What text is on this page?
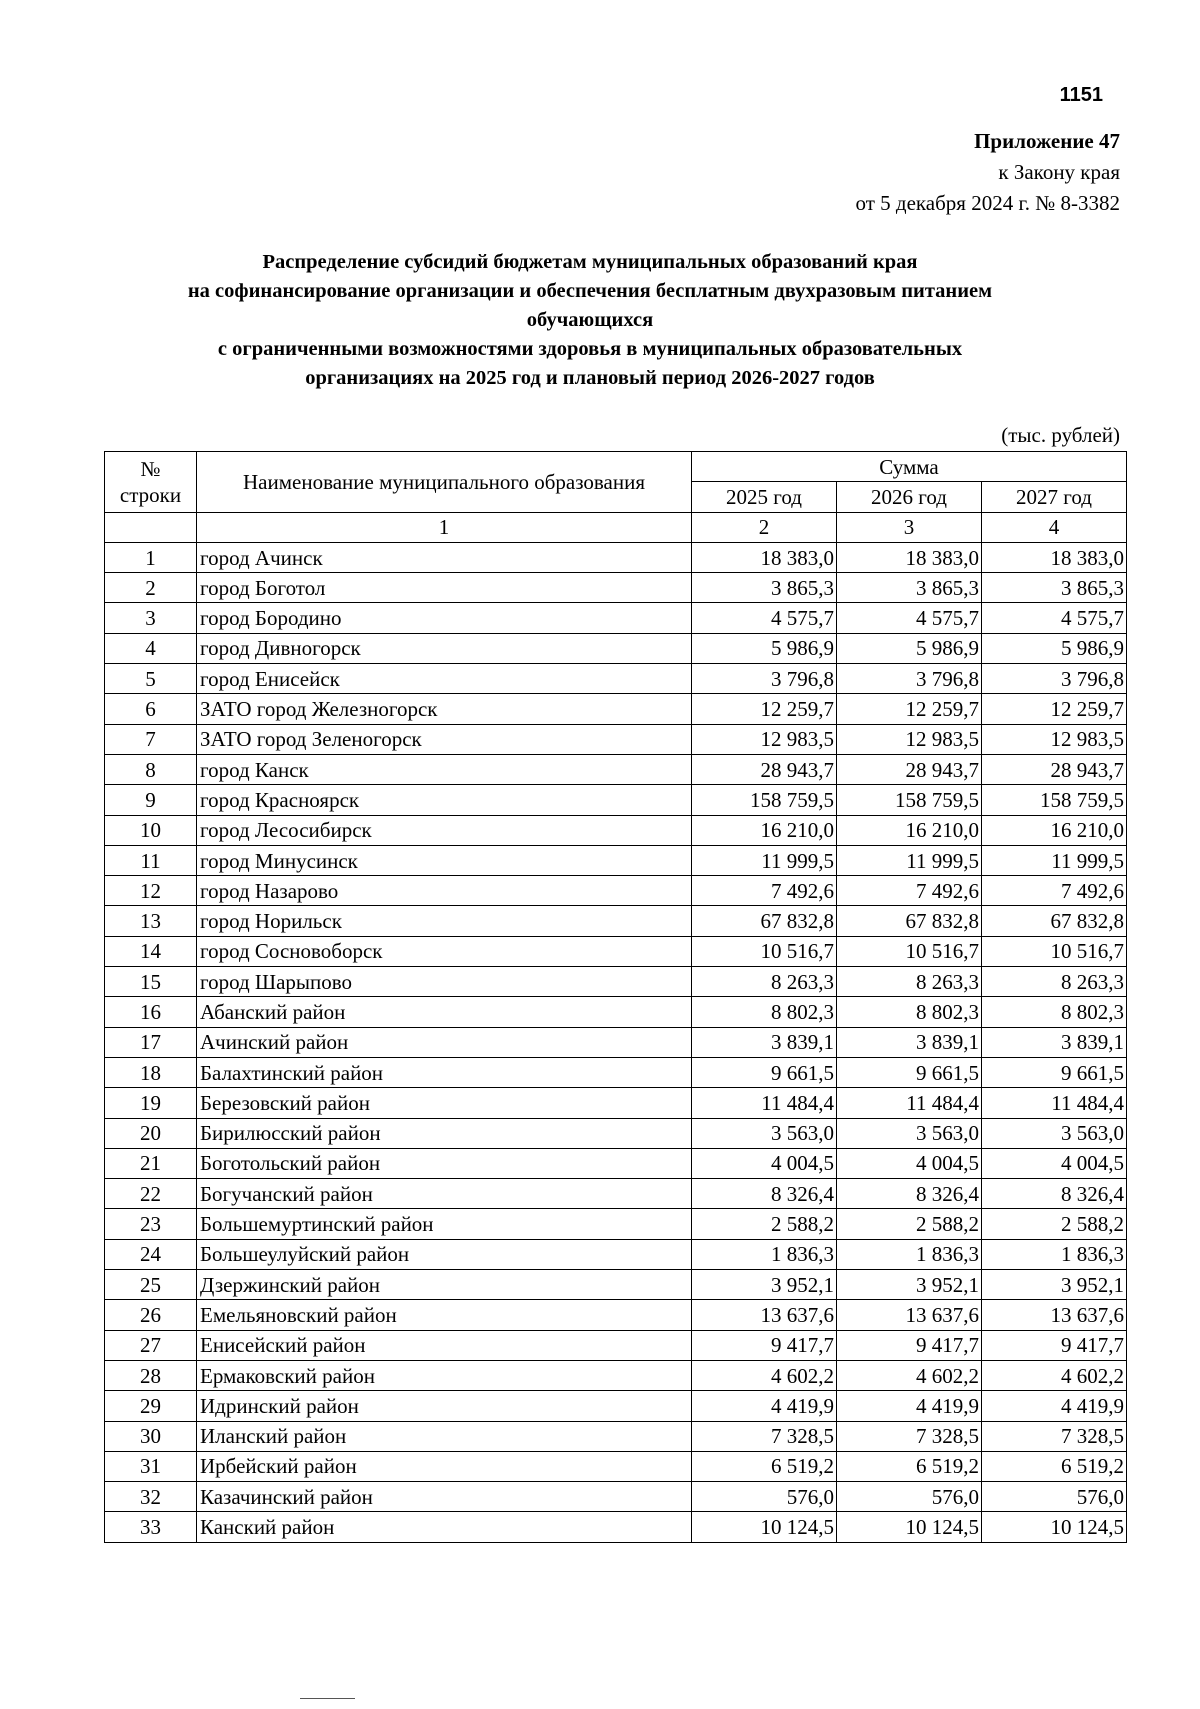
1151
Приложение 47
к Закону края
от 5 декабря 2024 г. № 8-3382
Распределение субсидий бюджетам муниципальных образований края
на софинансирование организации и обеспечения бесплатным двухразовым питанием
обучающихся
с ограниченными возможностями здоровья в муниципальных образовательных
организациях на 2025 год и плановый период 2026-2027 годов
(тыс. рублей)
№
строки	Наименование муниципального образования	Сумма		
		2025 год	2026 год	2027 год
	1	2	3	4
1	город Ачинск	18 383,0	18 383,0	18 383,0
2	город Боготол	3 865,3	3 865,3	3 865,3
3	город Бородино	4 575,7	4 575,7	4 575,7
4	город Дивногорск	5 986,9	5 986,9	5 986,9
5	город Енисейск	3 796,8	3 796,8	3 796,8
6	ЗАТО город Железногорск	12 259,7	12 259,7	12 259,7
7	ЗАТО город Зеленогорск	12 983,5	12 983,5	12 983,5
8	город Канск	28 943,7	28 943,7	28 943,7
9	город Красноярск	158 759,5	158 759,5	158 759,5
10	город Лесосибирск	16 210,0	16 210,0	16 210,0
11	город Минусинск	11 999,5	11 999,5	11 999,5
12	город Назарово	7 492,6	7 492,6	7 492,6
13	город Норильск	67 832,8	67 832,8	67 832,8
14	город Сосновоборск	10 516,7	10 516,7	10 516,7
15	город Шарыпово	8 263,3	8 263,3	8 263,3
16	Абанский район	8 802,3	8 802,3	8 802,3
17	Ачинский район	3 839,1	3 839,1	3 839,1
18	Балахтинский район	9 661,5	9 661,5	9 661,5
19	Березовский район	11 484,4	11 484,4	11 484,4
20	Бирилюсский район	3 563,0	3 563,0	3 563,0
21	Боготольский район	4 004,5	4 004,5	4 004,5
22	Богучанский район	8 326,4	8 326,4	8 326,4
23	Большемуртинский район	2 588,2	2 588,2	2 588,2
24	Большеулуйский район	1 836,3	1 836,3	1 836,3
25	Дзержинский район	3 952,1	3 952,1	3 952,1
26	Емельяновский район	13 637,6	13 637,6	13 637,6
27	Енисейский район	9 417,7	9 417,7	9 417,7
28	Ермаковский район	4 602,2	4 602,2	4 602,2
29	Идринский район	4 419,9	4 419,9	4 419,9
30	Иланский район	7 328,5	7 328,5	7 328,5
31	Ирбейский район	6 519,2	6 519,2	6 519,2
32	Казачинский район	576,0	576,0	576,0
33	Канский район	10 124,5	10 124,5	10 124,5
